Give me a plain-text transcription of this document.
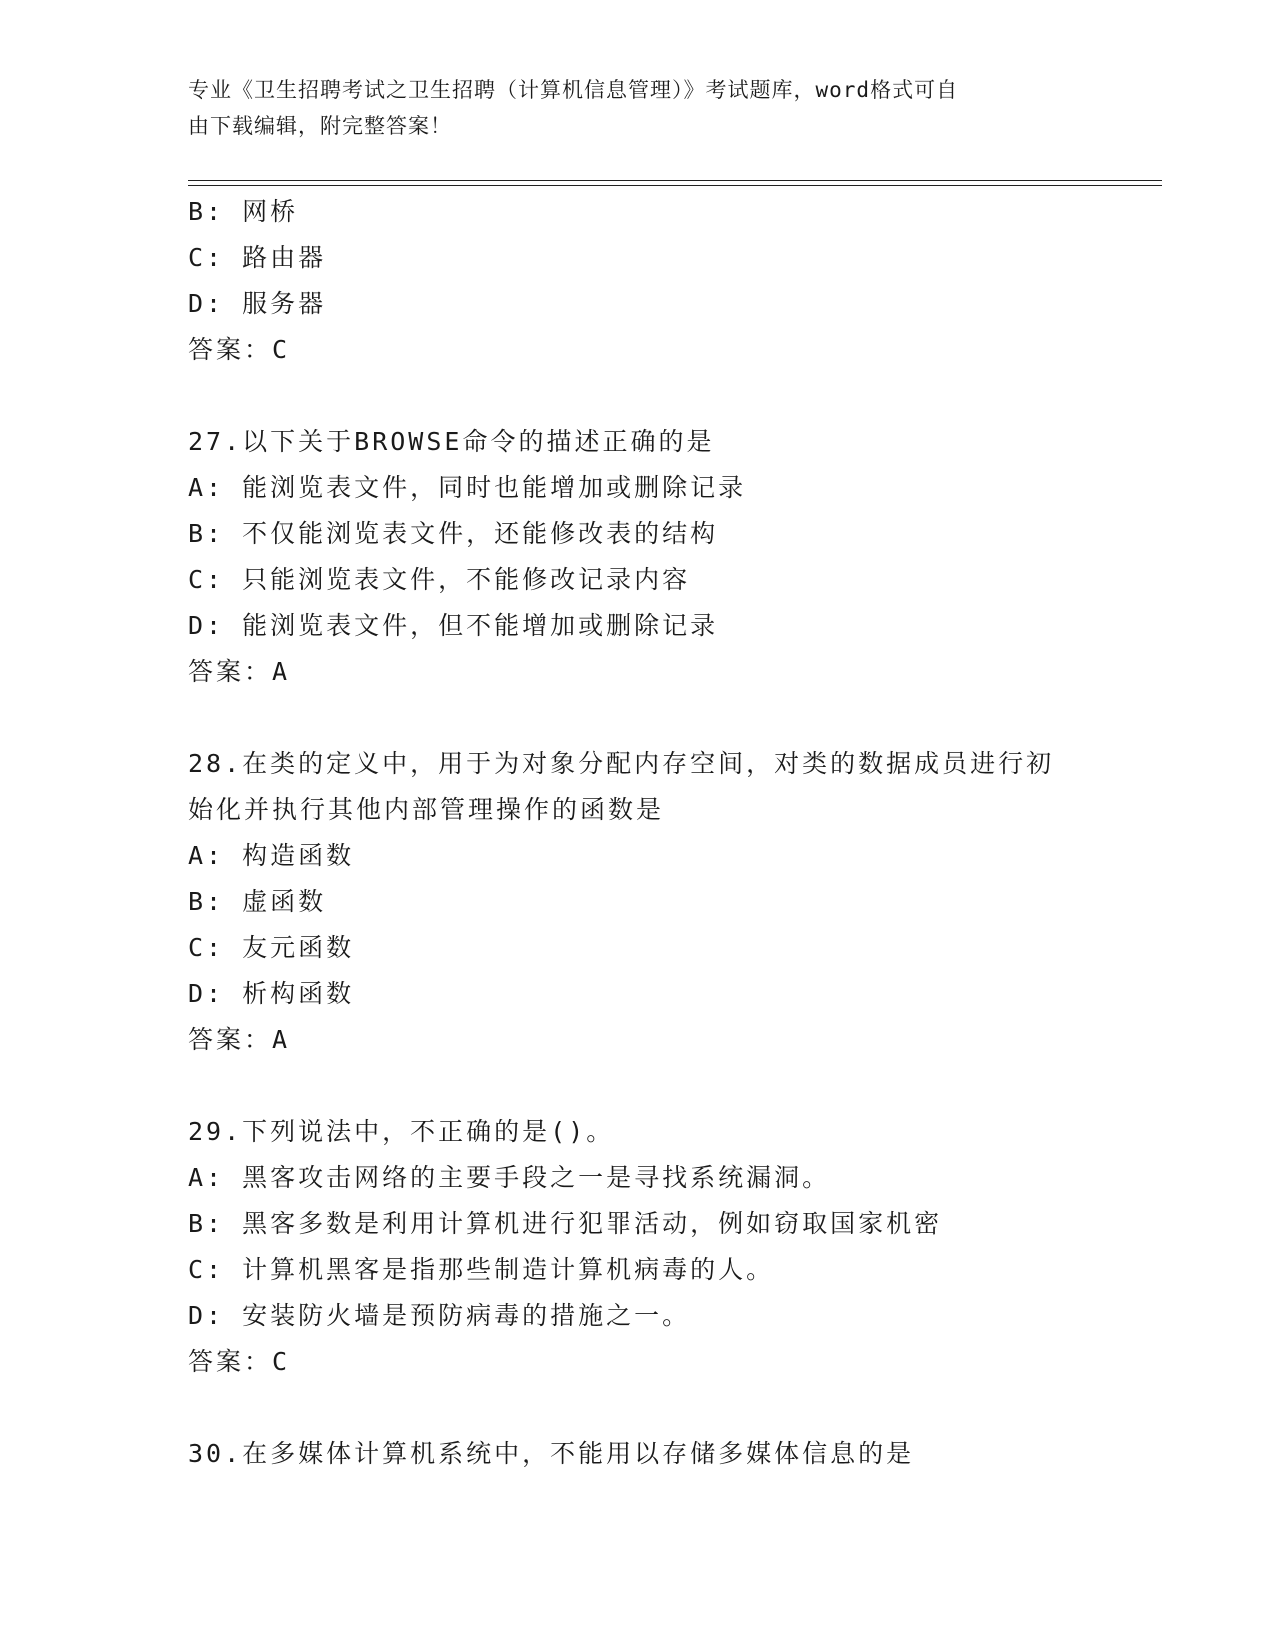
专业《卫生招聘考试之卫生招聘（计算机信息管理）》考试题库，word格式可自
由下载编辑，附完整答案！
B: 网桥
C: 路由器
D: 服务器
答案：C
27.以下关于BROWSE命令的描述正确的是
A: 能浏览表文件，同时也能增加或删除记录
B: 不仅能浏览表文件，还能修改表的结构
C: 只能浏览表文件，不能修改记录内容
D: 能浏览表文件，但不能增加或删除记录
答案：A
28.在类的定义中，用于为对象分配内存空间，对类的数据成员进行初
始化并执行其他内部管理操作的函数是
A: 构造函数
B: 虚函数
C: 友元函数
D: 析构函数
答案：A
29.下列说法中，不正确的是()。
A: 黑客攻击网络的主要手段之一是寻找系统漏洞。
B: 黑客多数是利用计算机进行犯罪活动，例如窃取国家机密
C: 计算机黑客是指那些制造计算机病毒的人。
D: 安装防火墙是预防病毒的措施之一。
答案：C
30.在多媒体计算机系统中，不能用以存储多媒体信息的是
